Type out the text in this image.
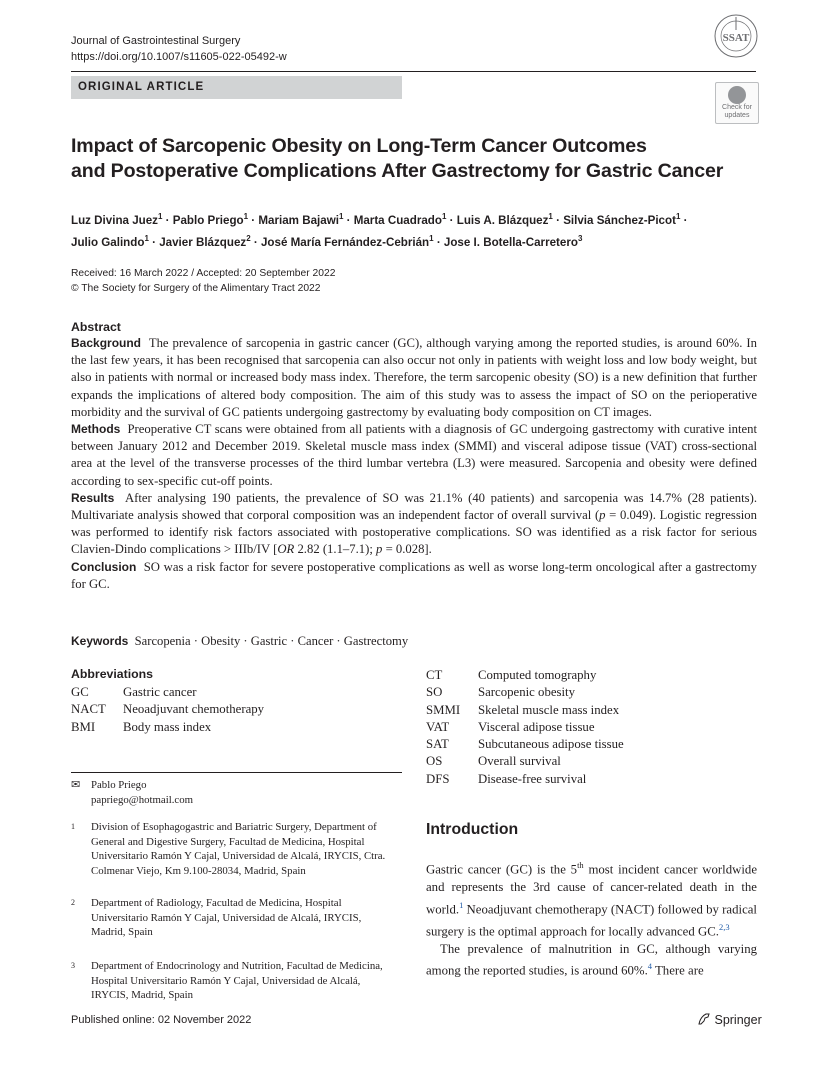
Journal of Gastrointestinal Surgery
https://doi.org/10.1007/s11605-022-05492-w
SSAT
ORIGINAL ARTICLE
Check for
updates
Impact of Sarcopenic Obesity on Long-Term Cancer Outcomes
and Postoperative Complications After Gastrectomy for Gastric Cancer
Luz Divina Juez$^1$ · Pablo Priego$^1$ · Mariam Bajawi$^1$ · Marta Cuadrado$^1$ · Luis A. Blázquez$^1$ · Silvia Sánchez-Picot$^1$ ·
Julio Galindo$^1$ · Javier Blázquez$^2$ · José María Fernández-Cebrián$^1$ · Jose I. Botella-Carretero$^3$
Received: 16 March 2022 / Accepted: 20 September 2022
© The Society for Surgery of the Alimentary Tract 2022
Abstract

Background The prevalence of sarcopenia in gastric cancer (GC), although varying among the reported studies, is around 60%. In the last few years, it has been recognised that sarcopenia can also occur not only in patients with weight loss and low body weight, but also in patients with normal or increased body mass index. Therefore, the term sarcopenic obesity (SO) is a new definition that further expands the implications of altered body composition. The aim of this study was to assess the impact of SO on the perioperative morbidity and the survival of GC patients undergoing gastrectomy by evaluating body composition on CT images.

Methods Preoperative CT scans were obtained from all patients with a diagnosis of GC undergoing gastrectomy with curative intent between January 2012 and December 2019. Skeletal muscle mass index (SMMI) and visceral adipose tissue (VAT) cross-sectional area at the level of the transverse processes of the third lumbar vertebra (L3) were measured. Sarcopenia and obesity were defined according to sex-specific cut-off points.

Results After analysing 190 patients, the prevalence of SO was 21.1% (40 patients) and sarcopenia was 14.7% (28 patients). Multivariate analysis showed that corporal composition was an independent factor of overall survival (p = 0.049). Logistic regression was performed to identify risk factors associated with postoperative complications. SO was identified as a risk factor for serious Clavien-Dindo complications > IIIb/IV [OR 2.82 (1.1–7.1); p = 0.028].

Conclusion SO was a risk factor for severe postoperative complications as well as worse long-term oncological after a gastrectomy for GC.

Keywords Sarcopenia · Obesity · Gastric · Cancer · Gastrectomy
Abbreviations
GC	Gastric cancer
NACT	Neoadjuvant chemotherapy
BMI	Body mass index
CT	Computed tomography
SO	Sarcopenic obesity
SMMI	Skeletal muscle mass index
VAT	Visceral adipose tissue
SAT	Subcutaneous adipose tissue
OS	Overall survival
DFS	Disease-free survival
✉ Pablo Priego
papriego@hotmail.com
1 Division of Esophagogastric and Bariatric Surgery, Department of General and Digestive Surgery, Facultad de Medicina, Hospital Universitario Ramón Y Cajal, Universidad de Alcalá, IRYCIS, Ctra. Colmenar Viejo, Km 9.100-28034, Madrid, Spain
2 Department of Radiology, Facultad de Medicina, Hospital Universitario Ramón Y Cajal, Universidad de Alcalá, IRYCIS, Madrid, Spain
3 Department of Endocrinology and Nutrition, Facultad de Medicina, Hospital Universitario Ramón Y Cajal, Universidad de Alcalá, IRYCIS, Madrid, Spain
Introduction

Gastric cancer (GC) is the 5th most incident cancer worldwide and represents the 3rd cause of cancer-related death in the world.$^1$ Neoadjuvant chemotherapy (NACT) followed by radical surgery is the optimal approach for locally advanced GC.$^{2,3}$

The prevalence of malnutrition in GC, although varying among the reported studies, is around 60%.$^4$ There are

Published online: 02 November 2022	Springer
